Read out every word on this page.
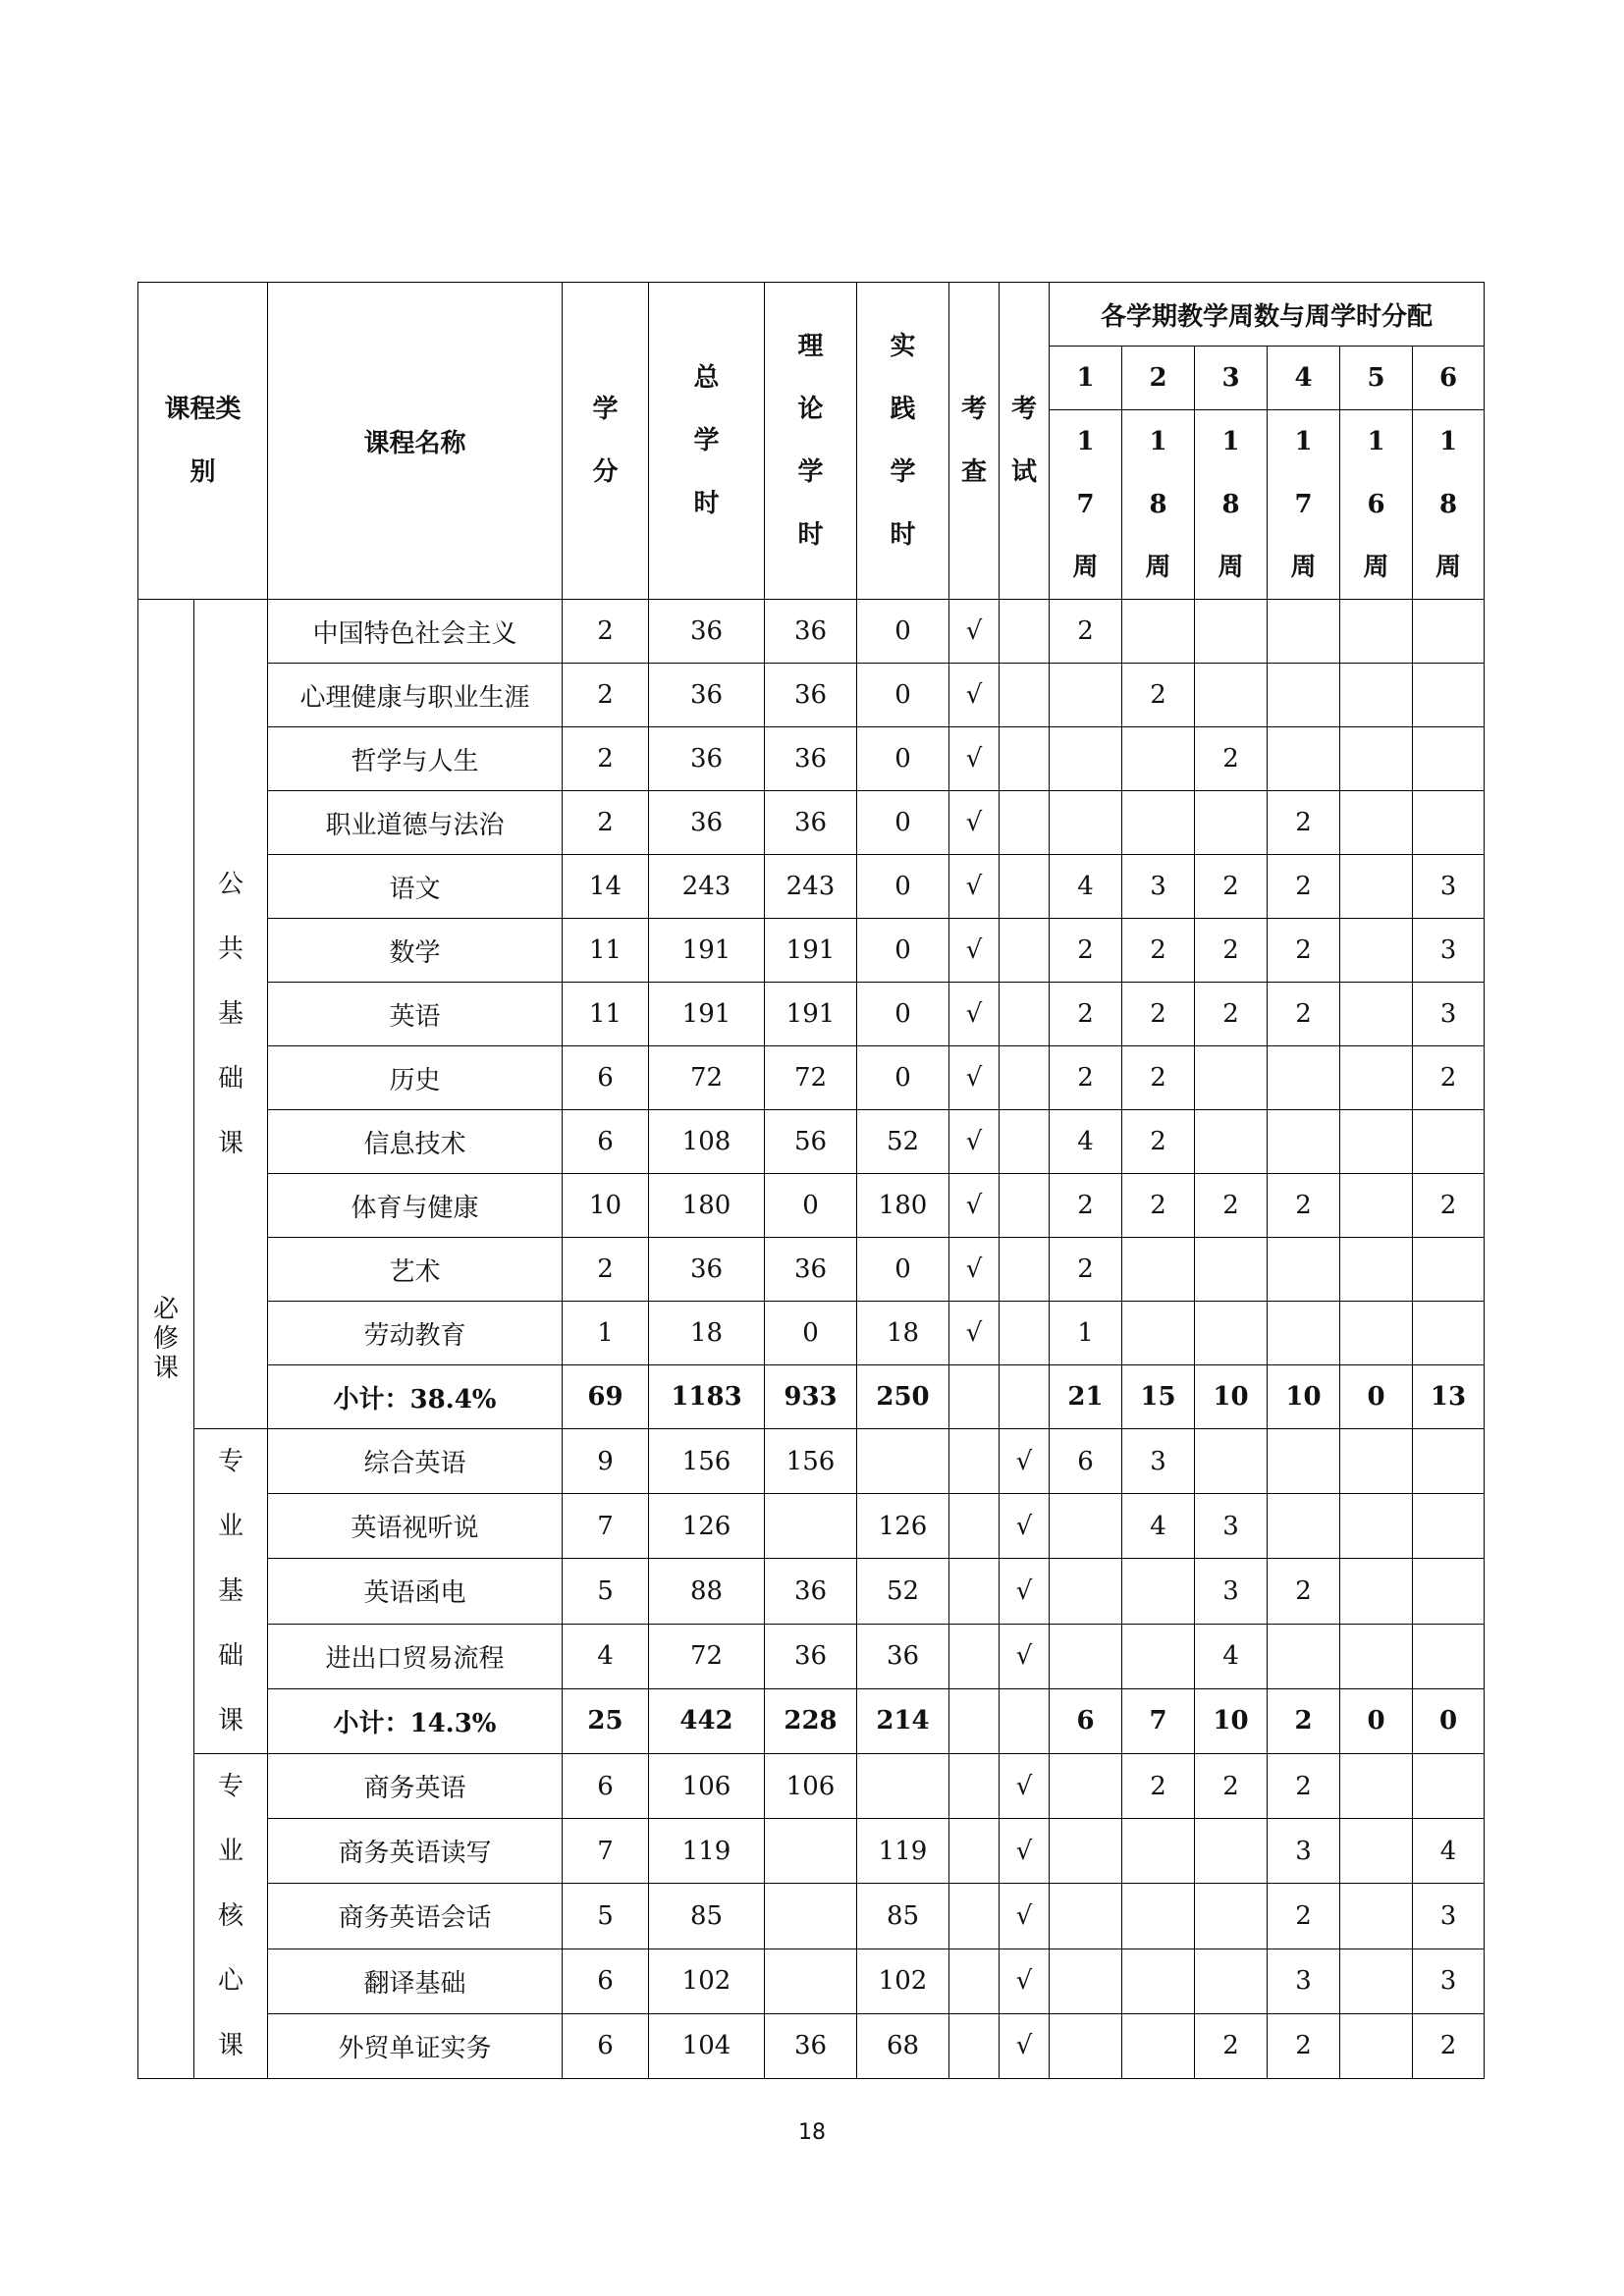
课程类别		课程名称	学分	总学时	理论学时	实践学时	考查	考试	各学期教学周数与周学时分配					
									1	2	3	4	5	6
									17周	18周	18周	17周	16周	18周
必修课	公共基础课	中国特色社会主义	2	36	36	0	√		2					
		心理健康与职业生涯	2	36	36	0	√			2				
		哲学与人生	2	36	36	0	√				2			
		职业道德与法治	2	36	36	0	√					2		
		语文	14	243	243	0	√		4	3	2	2		3
		数学	11	191	191	0	√		2	2	2	2		3
		英语	11	191	191	0	√		2	2	2	2		3
		历史	6	72	72	0	√		2	2				2
		信息技术	6	108	56	52	√		4	2				
		体育与健康	10	180	0	180	√		2	2	2	2		2
		艺术	2	36	36	0	√		2					
		劳动教育	1	18	0	18	√		1					
		小计：38.4%	69	1183	933	250			21	15	10	10	0	13
	专业基础课	综合英语	9	156	156			√	6	3				
		英语视听说	7	126		126		√		4	3			
		英语函电	5	88	36	52		√			3	2		
		进出口贸易流程	4	72	36	36		√			4			
		小计：14.3%	25	442	228	214			6	7	10	2	0	0
	专业核心课	商务英语	6	106	106			√		2	2	2		
		商务英语读写	7	119		119		√				3		4
		商务英语会话	5	85		85		√				2		3
		翻译基础	6	102		102		√				3		3
		外贸单证实务	6	104	36	68		√			2	2		2
18
